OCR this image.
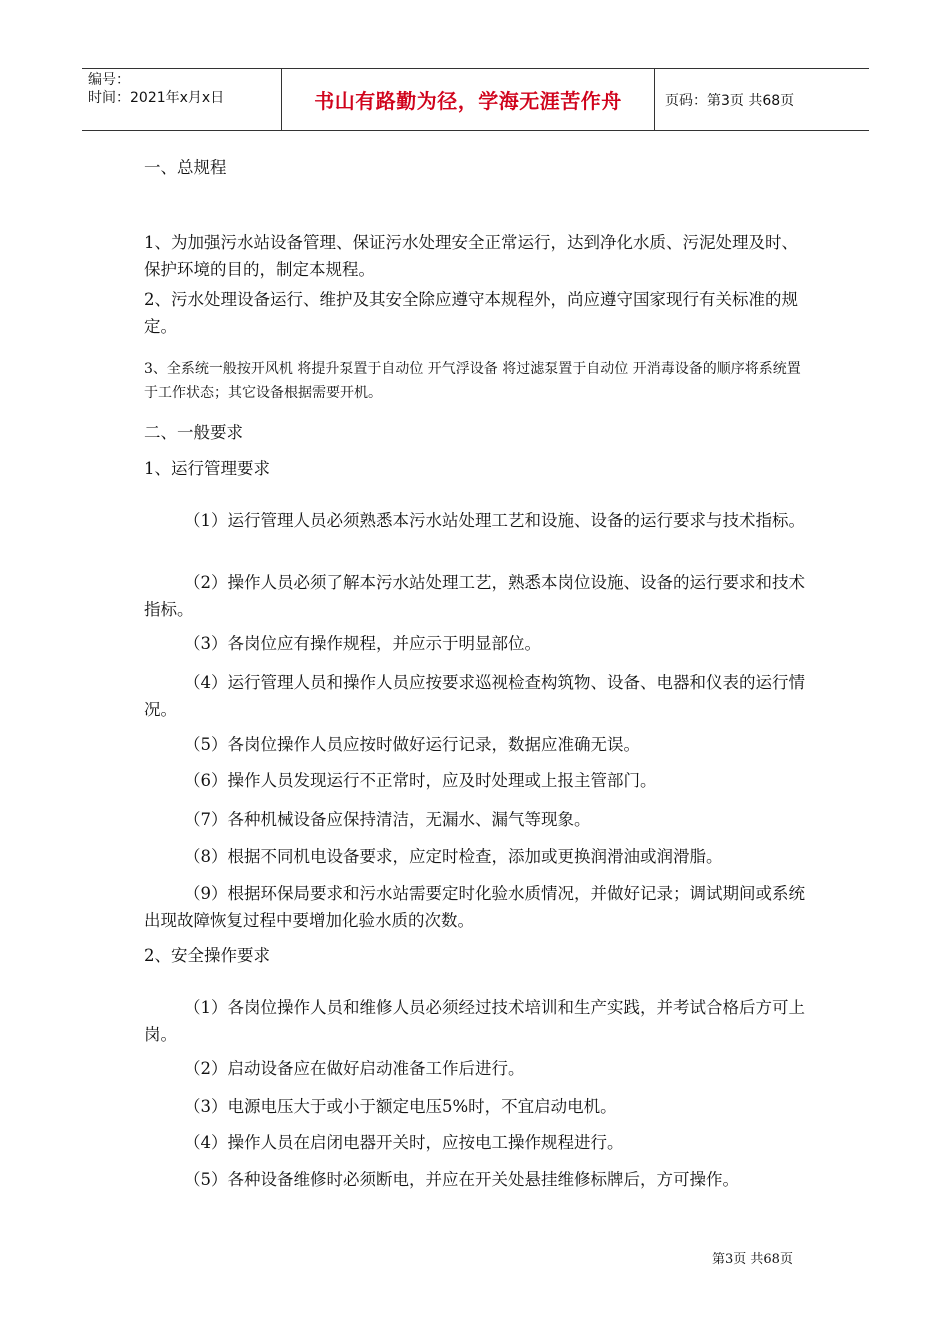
编号：
时间：2021年x月x日	书山有路勤为径，学海无涯苦作舟	页码：第3页 共68页

一、总规程

1、为加强污水站设备管理、保证污水处理安全正常运行，达到净化水质、污泥处理及时、保护环境的目的，制定本规程。

2、污水处理设备运行、维护及其安全除应遵守本规程外，尚应遵守国家现行有关标准的规定。

3、全系统一般按开风机 将提升泵置于自动位 开气浮设备 将过滤泵置于自动位 开消毒设备的顺序将系统置于工作状态；其它设备根据需要开机。

二、一般要求

1、运行管理要求

（1）运行管理人员必须熟悉本污水站处理工艺和设施、设备的运行要求与技术指标。

（2）操作人员必须了解本污水站处理工艺，熟悉本岗位设施、设备的运行要求和技术指标。

（3）各岗位应有操作规程，并应示于明显部位。

（4）运行管理人员和操作人员应按要求巡视检查构筑物、设备、电器和仪表的运行情况。

（5）各岗位操作人员应按时做好运行记录，数据应准确无误。

（6）操作人员发现运行不正常时，应及时处理或上报主管部门。

（7）各种机械设备应保持清洁，无漏水、漏气等现象。

（8）根据不同机电设备要求，应定时检查，添加或更换润滑油或润滑脂。

（9）根据环保局要求和污水站需要定时化验水质情况，并做好记录；调试期间或系统出现故障恢复过程中要增加化验水质的次数。

2、安全操作要求

（1）各岗位操作人员和维修人员必须经过技术培训和生产实践，并考试合格后方可上岗。

（2）启动设备应在做好启动准备工作后进行。

（3）电源电压大于或小于额定电压5%时，不宜启动电机。

（4）操作人员在启闭电器开关时，应按电工操作规程进行。

（5）各种设备维修时必须断电，并应在开关处悬挂维修标牌后，方可操作。

第3页 共68页
